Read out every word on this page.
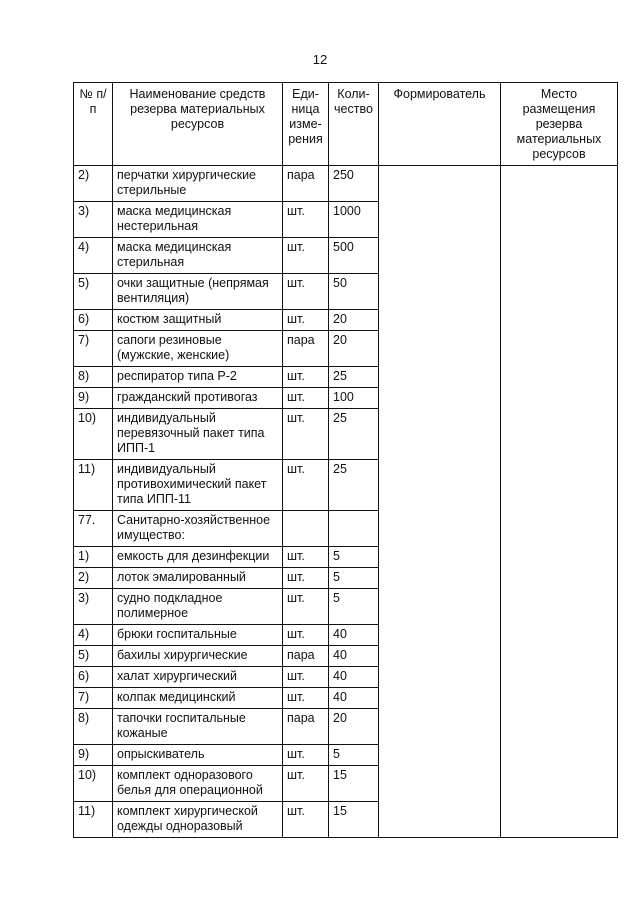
12
№ п/п	Наименование средств резерва материальных ресурсов	Еди-ница изме-рения	Коли-чество	Формирователь	Место размещения резерва материальных ресурсов
2)	перчатки хирургические стерильные	пара	250		
3)	маска медицинская нестерильная	шт.	1000		
4)	маска медицинская стерильная	шт.	500		
5)	очки защитные (непрямая вентиляция)	шт.	50		
6)	костюм защитный	шт.	20		
7)	сапоги резиновые (мужские, женские)	пара	20		
8)	респиратор типа Р-2	шт.	25		
9)	гражданский противогаз	шт.	100		
10)	индивидуальный перевязочный пакет типа ИПП-1	шт.	25		
11)	индивидуальный противохимический пакет типа ИПП-11	шт.	25		
77.	Санитарно-хозяйственное имущество:				
1)	емкость для дезинфекции	шт.	5		
2)	лоток эмалированный	шт.	5		
3)	судно подкладное полимерное	шт.	5		
4)	брюки госпитальные	шт.	40		
5)	бахилы хирургические	пара	40		
6)	халат хирургический	шт.	40		
7)	колпак медицинский	шт.	40		
8)	тапочки госпитальные кожаные	пара	20		
9)	опрыскиватель	шт.	5		
10)	комплект одноразового белья для операционной	шт.	15		
11)	комплект хирургической одежды одноразовый	шт.	15		
